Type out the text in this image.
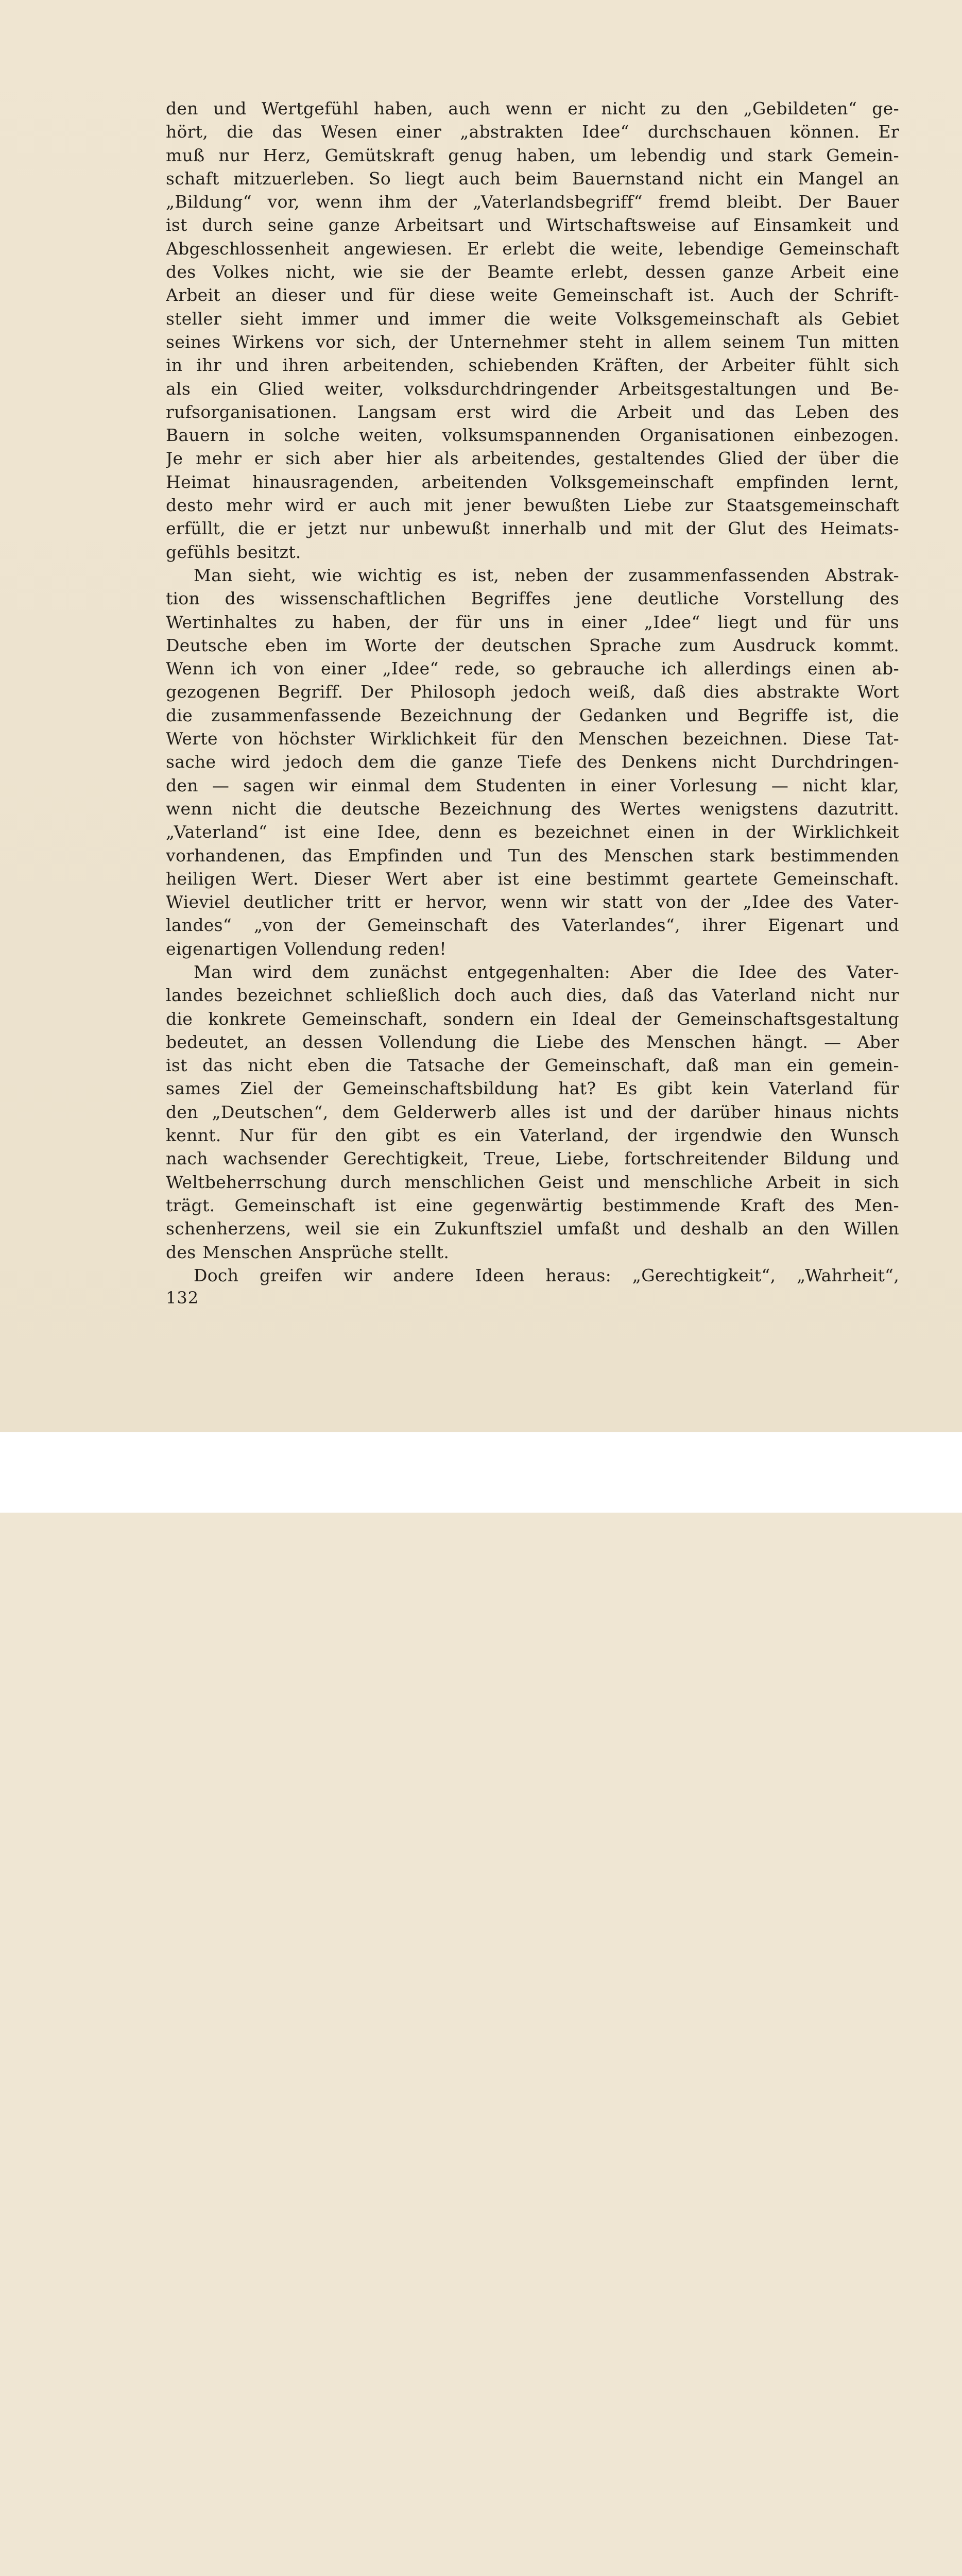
den und Wertgefühl haben, auch wenn er nicht zu den „Gebildeten“ ge-
hört, die das Wesen einer „abstrakten Idee“ durchschauen können. Er
muß nur Herz, Gemütskraft genug haben, um lebendig und stark Gemein-
schaft mitzuerleben. So liegt auch beim Bauernstand nicht ein Mangel an
„Bildung“ vor, wenn ihm der „Vaterlandsbegriff“ fremd bleibt. Der Bauer
ist durch seine ganze Arbeitsart und Wirtschaftsweise auf Einsamkeit und
Abgeschlossenheit angewiesen. Er erlebt die weite, lebendige Gemeinschaft
des Volkes nicht, wie sie der Beamte erlebt, dessen ganze Arbeit eine
Arbeit an dieser und für diese weite Gemeinschaft ist. Auch der Schrift-
steller sieht immer und immer die weite Volksgemeinschaft als Gebiet
seines Wirkens vor sich, der Unternehmer steht in allem seinem Tun mitten
in ihr und ihren arbeitenden, schiebenden Kräften, der Arbeiter fühlt sich
als ein Glied weiter, volksdurchdringender Arbeitsgestaltungen und Be-
rufsorganisationen. Langsam erst wird die Arbeit und das Leben des
Bauern in solche weiten, volksumspannenden Organisationen einbezogen.
Je mehr er sich aber hier als arbeitendes, gestaltendes Glied der über die
Heimat hinausragenden, arbeitenden Volksgemeinschaft empfinden lernt,
desto mehr wird er auch mit jener bewußten Liebe zur Staatsgemeinschaft
erfüllt, die er jetzt nur unbewußt innerhalb und mit der Glut des Heimats-
gefühls besitzt.
Man sieht, wie wichtig es ist, neben der zusammenfassenden Abstrak-
tion des wissenschaftlichen Begriffes jene deutliche Vorstellung des
Wertinhaltes zu haben, der für uns in einer „Idee“ liegt und für uns
Deutsche eben im Worte der deutschen Sprache zum Ausdruck kommt.
Wenn ich von einer „Idee“ rede, so gebrauche ich allerdings einen ab-
gezogenen Begriff. Der Philosoph jedoch weiß, daß dies abstrakte Wort
die zusammenfassende Bezeichnung der Gedanken und Begriffe ist, die
Werte von höchster Wirklichkeit für den Menschen bezeichnen. Diese Tat-
sache wird jedoch dem die ganze Tiefe des Denkens nicht Durchdringen-
den — sagen wir einmal dem Studenten in einer Vorlesung — nicht klar,
wenn nicht die deutsche Bezeichnung des Wertes wenigstens dazutritt.
„Vaterland“ ist eine Idee, denn es bezeichnet einen in der Wirklichkeit
vorhandenen, das Empfinden und Tun des Menschen stark bestimmenden
heiligen Wert. Dieser Wert aber ist eine bestimmt geartete Gemeinschaft.
Wieviel deutlicher tritt er hervor, wenn wir statt von der „Idee des Vater-
landes“ „von der Gemeinschaft des Vaterlandes“, ihrer Eigenart und
eigenartigen Vollendung reden!
Man wird dem zunächst entgegenhalten: Aber die Idee des Vater-
landes bezeichnet schließlich doch auch dies, daß das Vaterland nicht nur
die konkrete Gemeinschaft, sondern ein Ideal der Gemeinschaftsgestaltung
bedeutet, an dessen Vollendung die Liebe des Menschen hängt. — Aber
ist das nicht eben die Tatsache der Gemeinschaft, daß man ein gemein-
sames Ziel der Gemeinschaftsbildung hat? Es gibt kein Vaterland für
den „Deutschen“, dem Gelderwerb alles ist und der darüber hinaus nichts
kennt. Nur für den gibt es ein Vaterland, der irgendwie den Wunsch
nach wachsender Gerechtigkeit, Treue, Liebe, fortschreitender Bildung und
Weltbeherrschung durch menschlichen Geist und menschliche Arbeit in sich
trägt. Gemeinschaft ist eine gegenwärtig bestimmende Kraft des Men-
schenherzens, weil sie ein Zukunftsziel umfaßt und deshalb an den Willen
des Menschen Ansprüche stellt.
Doch greifen wir andere Ideen heraus: „Gerechtigkeit“, „Wahrheit“,
132
